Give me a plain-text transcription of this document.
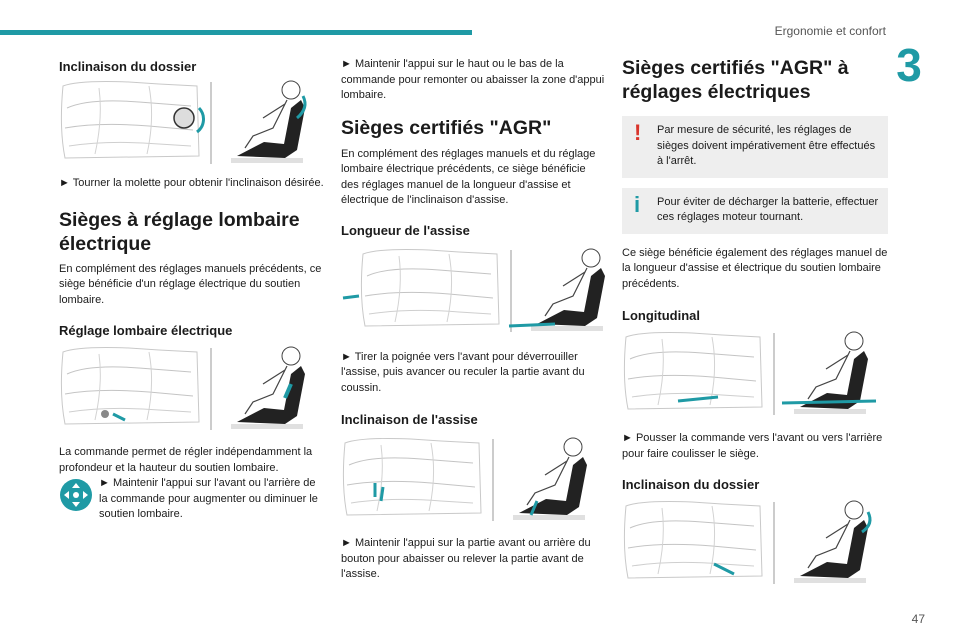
Ergonomie et confort
3
Inclinaison du dossier

► Tourner la molette pour obtenir l'inclinaison désirée.

Sièges à réglage lombaire électrique

En complément des réglages manuels précédents, ce siège bénéficie d'un réglage électrique du soutien lombaire.

Réglage lombaire électrique

La commande permet de régler indépendamment la profondeur et la hauteur du soutien lombaire.

► Maintenir l'appui sur l'avant ou l'arrière de la commande pour augmenter ou diminuer le soutien lombaire.

► Maintenir l'appui sur le haut ou le bas de la commande pour remonter ou abaisser la zone d'appui lombaire.

Sièges certifiés "AGR"

En complément des réglages manuels et du réglage lombaire électrique précédents, ce siège bénéficie des réglages manuel de la longueur d'assise et électrique de l'inclinaison d'assise.

Longueur de l'assise

► Tirer la poignée vers l'avant pour déverrouiller l'assise, puis avancer ou reculer la partie avant du coussin.

Inclinaison de l'assise

► Maintenir l'appui sur la partie avant ou arrière du bouton pour abaisser ou relever la partie avant de l'assise.

Sièges certifiés "AGR" à réglages électriques
!	Par mesure de sécurité, les réglages de sièges doivent impérativement être effectués à l'arrêt.

i	Pour éviter de décharger la batterie, effectuer ces réglages moteur tournant.

Ce siège bénéficie également des réglages manuel de la longueur d'assise et électrique du soutien lombaire précédents.

Longitudinal

► Pousser la commande vers l'avant ou vers l'arrière pour faire coulisser le siège.

Inclinaison du dossier
47
